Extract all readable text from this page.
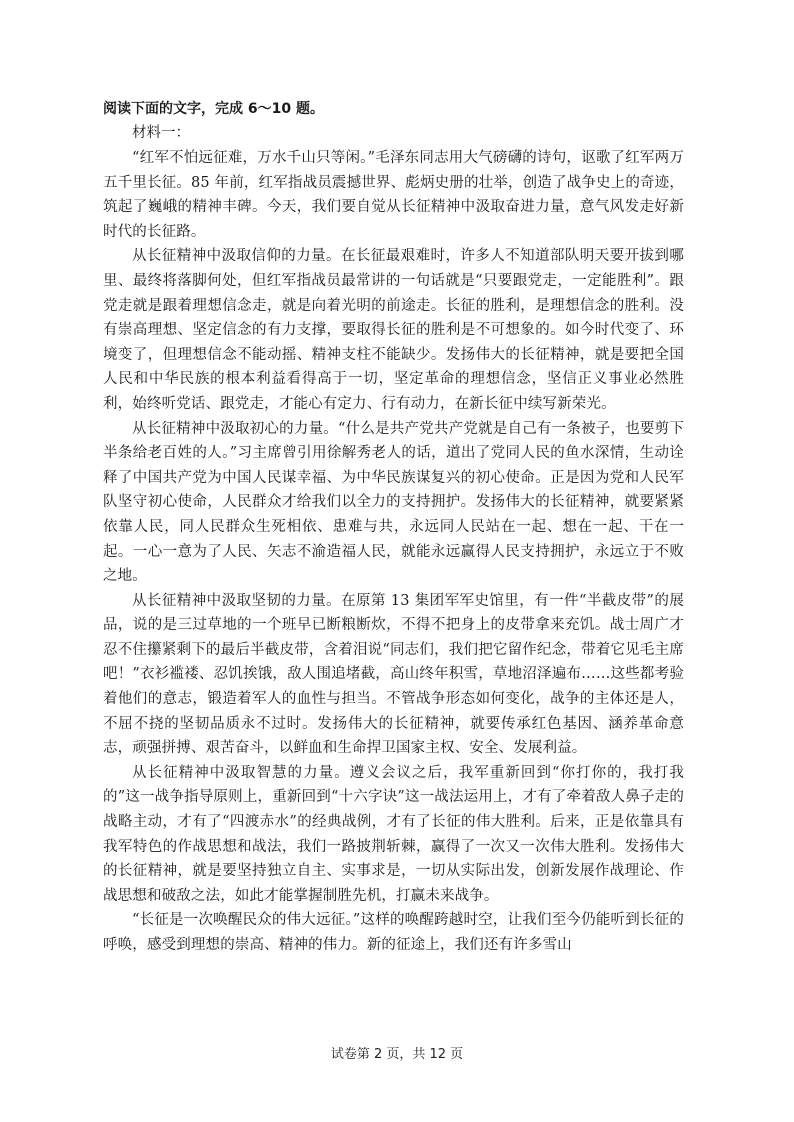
阅读下面的文字，完成 6～10 题。

材料一：

“红军不怕远征难，万水千山只等闲。”毛泽东同志用大气磅礴的诗句，讴歌了红军两万五千里长征。85 年前，红军指战员震撼世界、彪炳史册的壮举，创造了战争史上的奇迹，筑起了巍峨的精神丰碑。今天，我们要自觉从长征精神中汲取奋进力量，意气风发走好新时代的长征路。

从长征精神中汲取信仰的力量。在长征最艰难时，许多人不知道部队明天要开拔到哪里、最终将落脚何处，但红军指战员最常讲的一句话就是“只要跟党走，一定能胜利”。跟党走就是跟着理想信念走，就是向着光明的前途走。长征的胜利，是理想信念的胜利。没有崇高理想、坚定信念的有力支撑，要取得长征的胜利是不可想象的。如今时代变了、环境变了，但理想信念不能动摇、精神支柱不能缺少。发扬伟大的长征精神，就是要把全国人民和中华民族的根本利益看得高于一切，坚定革命的理想信念，坚信正义事业必然胜利，始终听党话、跟党走，才能心有定力、行有动力，在新长征中续写新荣光。

从长征精神中汲取初心的力量。“什么是共产党共产党就是自己有一条被子，也要剪下半条给老百姓的人。”习主席曾引用徐解秀老人的话，道出了党同人民的鱼水深情，生动诠释了中国共产党为中国人民谋幸福、为中华民族谋复兴的初心使命。正是因为党和人民军队坚守初心使命，人民群众才给我们以全力的支持拥护。发扬伟大的长征精神，就要紧紧依靠人民，同人民群众生死相依、患难与共，永远同人民站在一起、想在一起、干在一起。一心一意为了人民、矢志不渝造福人民，就能永远赢得人民支持拥护，永远立于不败之地。

从长征精神中汲取坚韧的力量。在原第 13 集团军军史馆里，有一件“半截皮带”的展品，说的是三过草地的一个班早已断粮断炊，不得不把身上的皮带拿来充饥。战士周广才忍不住攥紧剩下的最后半截皮带，含着泪说“同志们，我们把它留作纪念，带着它见毛主席吧！”衣衫褴褛、忍饥挨饿，敌人围追堵截，高山终年积雪，草地沼泽遍布……这些都考验着他们的意志，锻造着军人的血性与担当。不管战争形态如何变化，战争的主体还是人，不屈不挠的坚韧品质永不过时。发扬伟大的长征精神，就要传承红色基因、涵养革命意志，顽强拼搏、艰苦奋斗，以鲜血和生命捍卫国家主权、安全、发展利益。

从长征精神中汲取智慧的力量。遵义会议之后，我军重新回到“你打你的，我打我的”这一战争指导原则上，重新回到“十六字诀”这一战法运用上，才有了牵着敌人鼻子走的战略主动，才有了“四渡赤水”的经典战例，才有了长征的伟大胜利。后来，正是依靠具有我军特色的作战思想和战法，我们一路披荆斩棘，赢得了一次又一次伟大胜利。发扬伟大的长征精神，就是要坚持独立自主、实事求是，一切从实际出发，创新发展作战理论、作战思想和破敌之法，如此才能掌握制胜先机，打赢未来战争。

“长征是一次唤醒民众的伟大远征。”这样的唤醒跨越时空，让我们至今仍能听到长征的呼唤，感受到理想的崇高、精神的伟力。新的征途上，我们还有许多雪山

试卷第 2 页，共 12 页
